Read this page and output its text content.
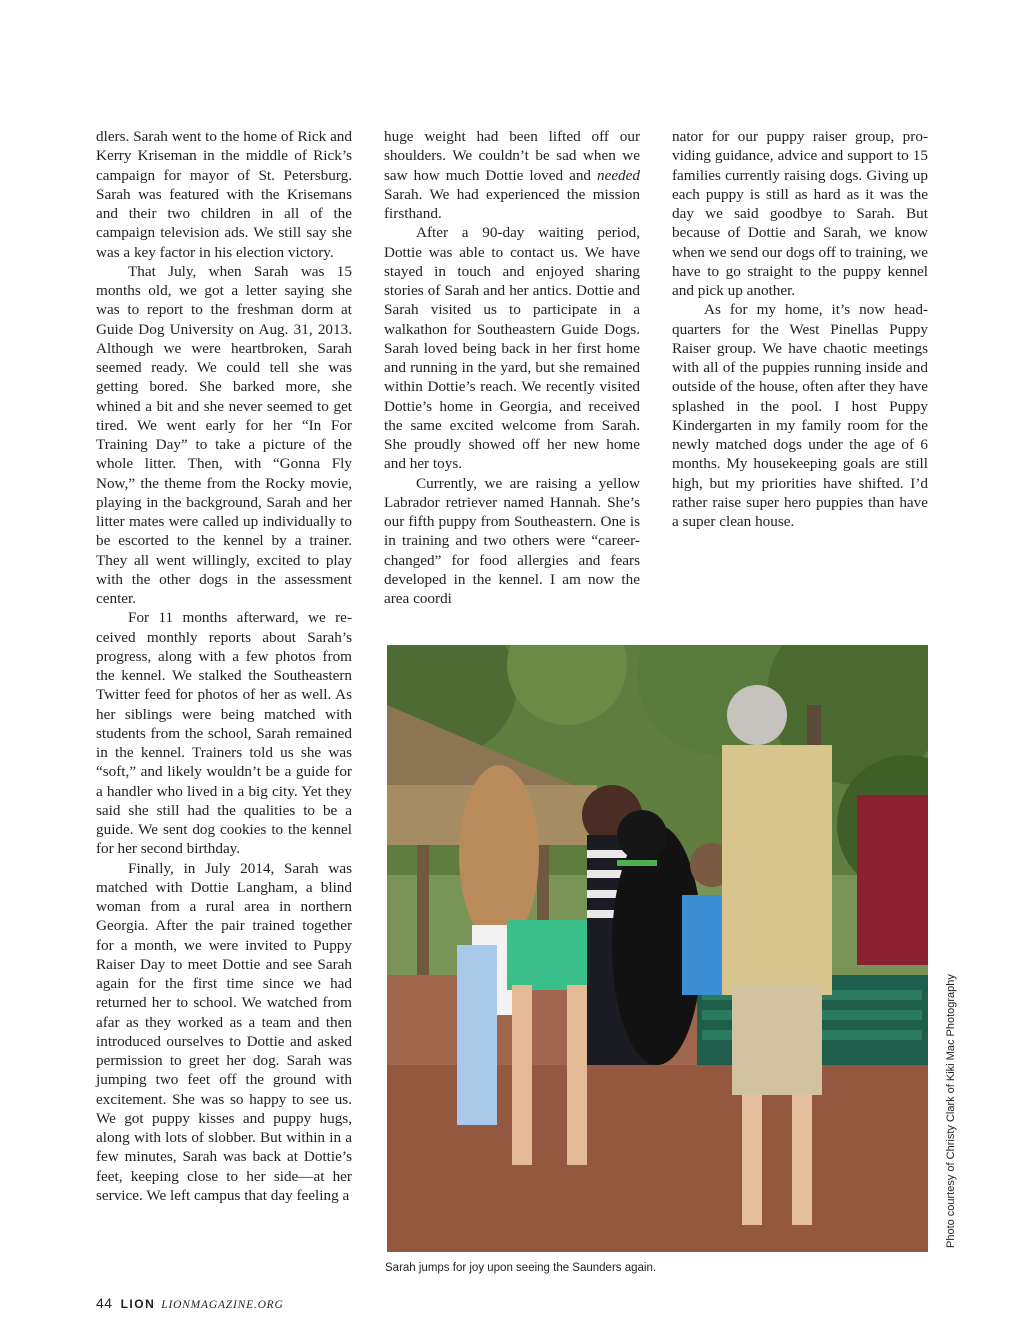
dlers. Sarah went to the home of Rick and Kerry Kriseman in the middle of Rick’s campaign for mayor of St. Petersburg. Sarah was featured with the Krisemans and their two children in all of the campaign television ads. We still say she was a key factor in his election victory.

That July, when Sarah was 15 months old, we got a letter saying she was to report to the freshman dorm at Guide Dog University on Aug. 31, 2013. Although we were heartbroken, Sarah seemed ready. We could tell she was getting bored. She barked more, she whined a bit and she never seemed to get tired. We went early for her “In For Training Day” to take a picture of the whole litter. Then, with “Gonna Fly Now,” the theme from the Rocky movie, playing in the background, Sarah and her litter mates were called up individually to be escorted to the kennel by a trainer. They all went willingly, excited to play with the other dogs in the assessment center.

For 11 months afterward, we received monthly reports about Sarah’s progress, along with a few photos from the kennel. We stalked the Southeastern Twitter feed for photos of her as well. As her siblings were being matched with students from the school, Sarah remained in the kennel. Trainers told us she was “soft,” and likely wouldn’t be a guide for a handler who lived in a big city. Yet they said she still had the qualities to be a guide. We sent dog cookies to the kennel for her second birthday.

Finally, in July 2014, Sarah was matched with Dottie Langham, a blind woman from a rural area in northern Georgia. After the pair trained together for a month, we were invited to Puppy Raiser Day to meet Dottie and see Sarah again for the first time since we had returned her to school. We watched from afar as they worked as a team and then introduced ourselves to Dottie and asked permission to greet her dog. Sarah was jumping two feet off the ground with excitement. She was so happy to see us. We got puppy kisses and puppy hugs, along with lots of slobber. But within in a few minutes, Sarah was back at Dottie’s feet, keeping close to her side—at her service. We left campus that day feeling a

huge weight had been lifted off our shoulders. We couldn’t be sad when we saw how much Dottie loved and needed Sarah. We had experienced the mission firsthand.

After a 90-day waiting period, Dottie was able to contact us. We have stayed in touch and enjoyed sharing stories of Sarah and her antics. Dottie and Sarah visited us to participate in a walkathon for Southeastern Guide Dogs. Sarah loved being back in her first home and running in the yard, but she remained within Dottie’s reach. We recently visited Dottie’s home in Georgia, and received the same excited welcome from Sarah. She proudly showed off her new home and her toys.

Currently, we are raising a yellow Labrador retriever named Hannah. She’s our fifth puppy from Southeastern. One is in training and two others were “career-changed” for food allergies and fears developed in the kennel. I am now the area coordi

nator for our puppy raiser group, providing guidance, advice and support to 15 families currently raising dogs. Giving up each puppy is still as hard as it was the day we said goodbye to Sarah. But because of Dottie and Sarah, we know when we send our dogs off to training, we have to go straight to the puppy kennel and pick up another.

As for my home, it’s now headquarters for the West Pinellas Puppy Raiser group. We have chaotic meetings with all of the puppies running inside and outside of the house, often after they have splashed in the pool. I host Puppy Kindergarten in my family room for the newly matched dogs under the age of 6 months. My housekeeping goals are still high, but my priorities have shifted. I’d rather raise super hero puppies than have a super clean house.

Sarah jumps for joy upon seeing the Saunders again.
Photo courtesy of Christy Clark of Kiki Mac Photography
44 LION LIONMAGAZINE.ORG
